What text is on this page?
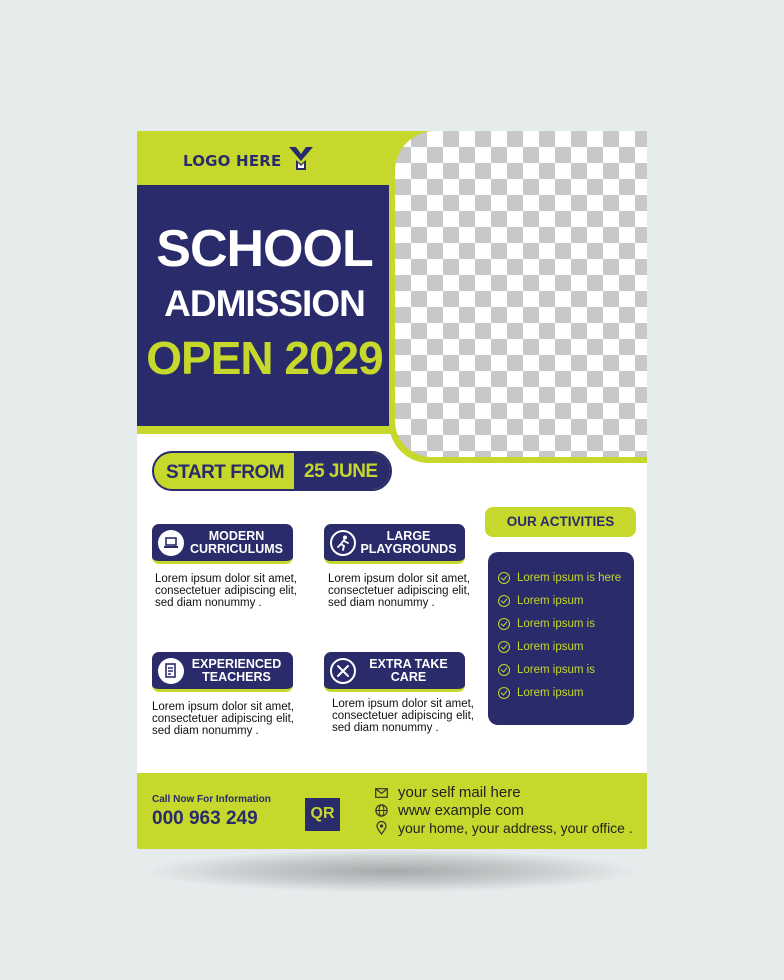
LOGO HERE
SCHOOL
ADMISSION
OPEN 2029
START FROM	25 JUNE
MODERN CURRICULUMS

Lorem ipsum dolor sit amet, consectetuer adipiscing elit, sed diam nonummy .

LARGE PLAYGROUNDS

Lorem ipsum dolor sit amet, consectetuer adipiscing elit, sed diam nonummy .

EXPERIENCED TEACHERS

Lorem ipsum dolor sit amet, consectetuer adipiscing elit, sed diam nonummy .

EXTRA TAKE CARE

Lorem ipsum dolor sit amet, consectetuer adipiscing elit, sed diam nonummy .

OUR ACTIVITIES
Lorem ipsum is here
Lorem ipsum
Lorem ipsum is
Lorem ipsum
Lorem ipsum is
Lorem ipsum
Call Now For Information
000 963 249	QR
your self mail here
www example com
your home, your address, your office .
